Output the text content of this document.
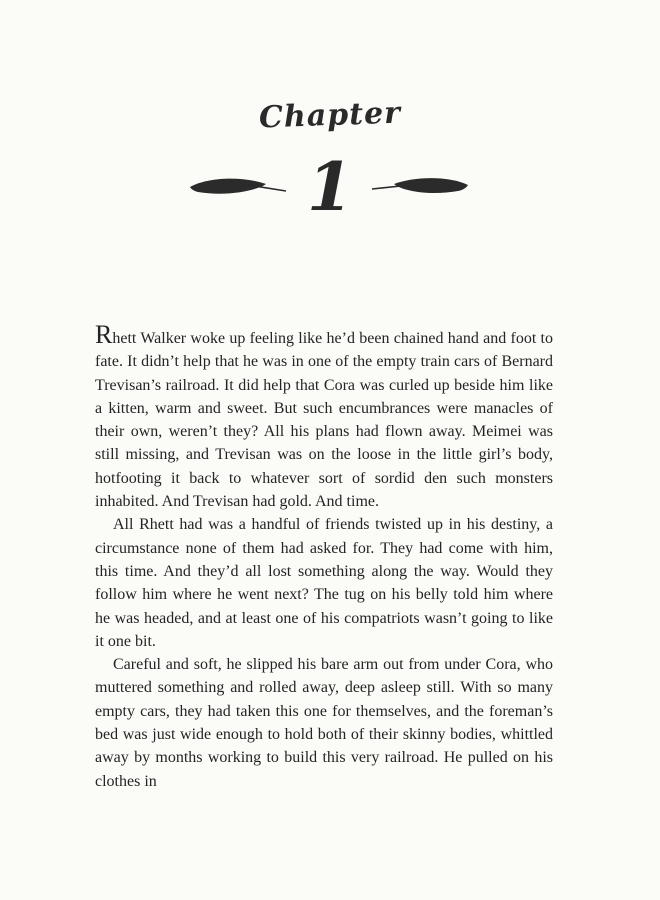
Chapter
1

Rhett Walker woke up feeling like he’d been chained hand and foot to fate. It didn’t help that he was in one of the empty train cars of Bernard Trevisan’s railroad. It did help that Cora was curled up beside him like a kitten, warm and sweet. But such encumbrances were manacles of their own, weren’t they? All his plans had flown away. Meimei was still missing, and Trevisan was on the loose in the little girl’s body, hotfooting it back to whatever sort of sordid den such monsters inhabited. And Trevisan had gold. And time.

All Rhett had was a handful of friends twisted up in his destiny, a circumstance none of them had asked for. They had come with him, this time. And they’d all lost something along the way. Would they follow him where he went next? The tug on his belly told him where he was headed, and at least one of his compatriots wasn’t going to like it one bit.

Careful and soft, he slipped his bare arm out from under Cora, who muttered something and rolled away, deep asleep still. With so many empty cars, they had taken this one for themselves, and the foreman’s bed was just wide enough to hold both of their skinny bodies, whittled away by months working to build this very railroad. He pulled on his clothes in
